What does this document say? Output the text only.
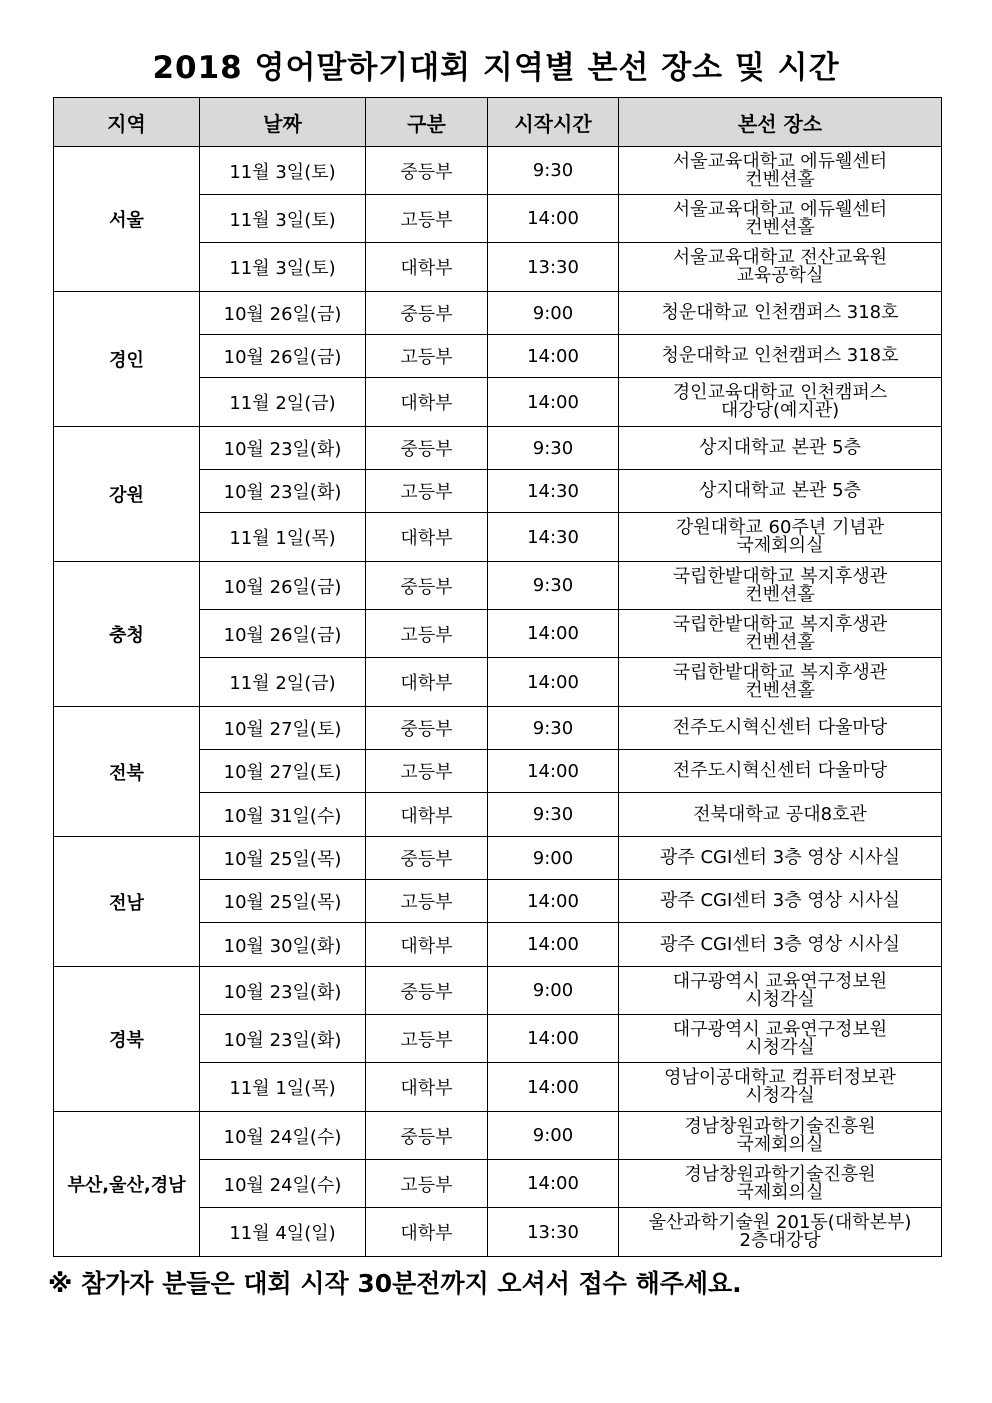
2018 영어말하기대회 지역별 본선 장소 및 시간
지역	날짜	구분	시작시간	본선 장소
서울	11월 3일(토)	중등부	9:30	서울교육대학교 에듀웰센터
컨벤션홀

	11월 3일(토)	고등부	14:00	서울교육대학교 에듀웰센터
컨벤션홀

	11월 3일(토)	대학부	13:30	서울교육대학교 전산교육원
교육공학실

경인	10월 26일(금)	중등부	9:00	청운대학교 인천캠퍼스 318호

	10월 26일(금)	고등부	14:00	청운대학교 인천캠퍼스 318호

	11월 2일(금)	대학부	14:00	경인교육대학교 인천캠퍼스
대강당(예지관)

강원	10월 23일(화)	중등부	9:30	상지대학교 본관 5층

	10월 23일(화)	고등부	14:30	상지대학교 본관 5층

	11월 1일(목)	대학부	14:30	강원대학교 60주년 기념관
국제회의실

충청	10월 26일(금)	중등부	9:30	국립한밭대학교 복지후생관
컨벤션홀

	10월 26일(금)	고등부	14:00	국립한밭대학교 복지후생관
컨벤션홀

	11월 2일(금)	대학부	14:00	국립한밭대학교 복지후생관
컨벤션홀

전북	10월 27일(토)	중등부	9:30	전주도시혁신센터 다울마당

	10월 27일(토)	고등부	14:00	전주도시혁신센터 다울마당

	10월 31일(수)	대학부	9:30	전북대학교 공대8호관

전남	10월 25일(목)	중등부	9:00	광주 CGI센터 3층 영상 시사실

	10월 25일(목)	고등부	14:00	광주 CGI센터 3층 영상 시사실

	10월 30일(화)	대학부	14:00	광주 CGI센터 3층 영상 시사실

경북	10월 23일(화)	중등부	9:00	대구광역시 교육연구정보원
시청각실

	10월 23일(화)	고등부	14:00	대구광역시 교육연구정보원
시청각실

	11월 1일(목)	대학부	14:00	영남이공대학교 컴퓨터정보관
시청각실

부산,울산,경남	10월 24일(수)	중등부	9:00	경남창원과학기술진흥원
국제회의실

	10월 24일(수)	고등부	14:00	경남창원과학기술진흥원
국제회의실

	11월 4일(일)	대학부	13:30	울산과학기술원 201동(대학본부)
2층대강당
※ 참가자 분들은 대회 시작 30분전까지 오셔서 접수 해주세요.
